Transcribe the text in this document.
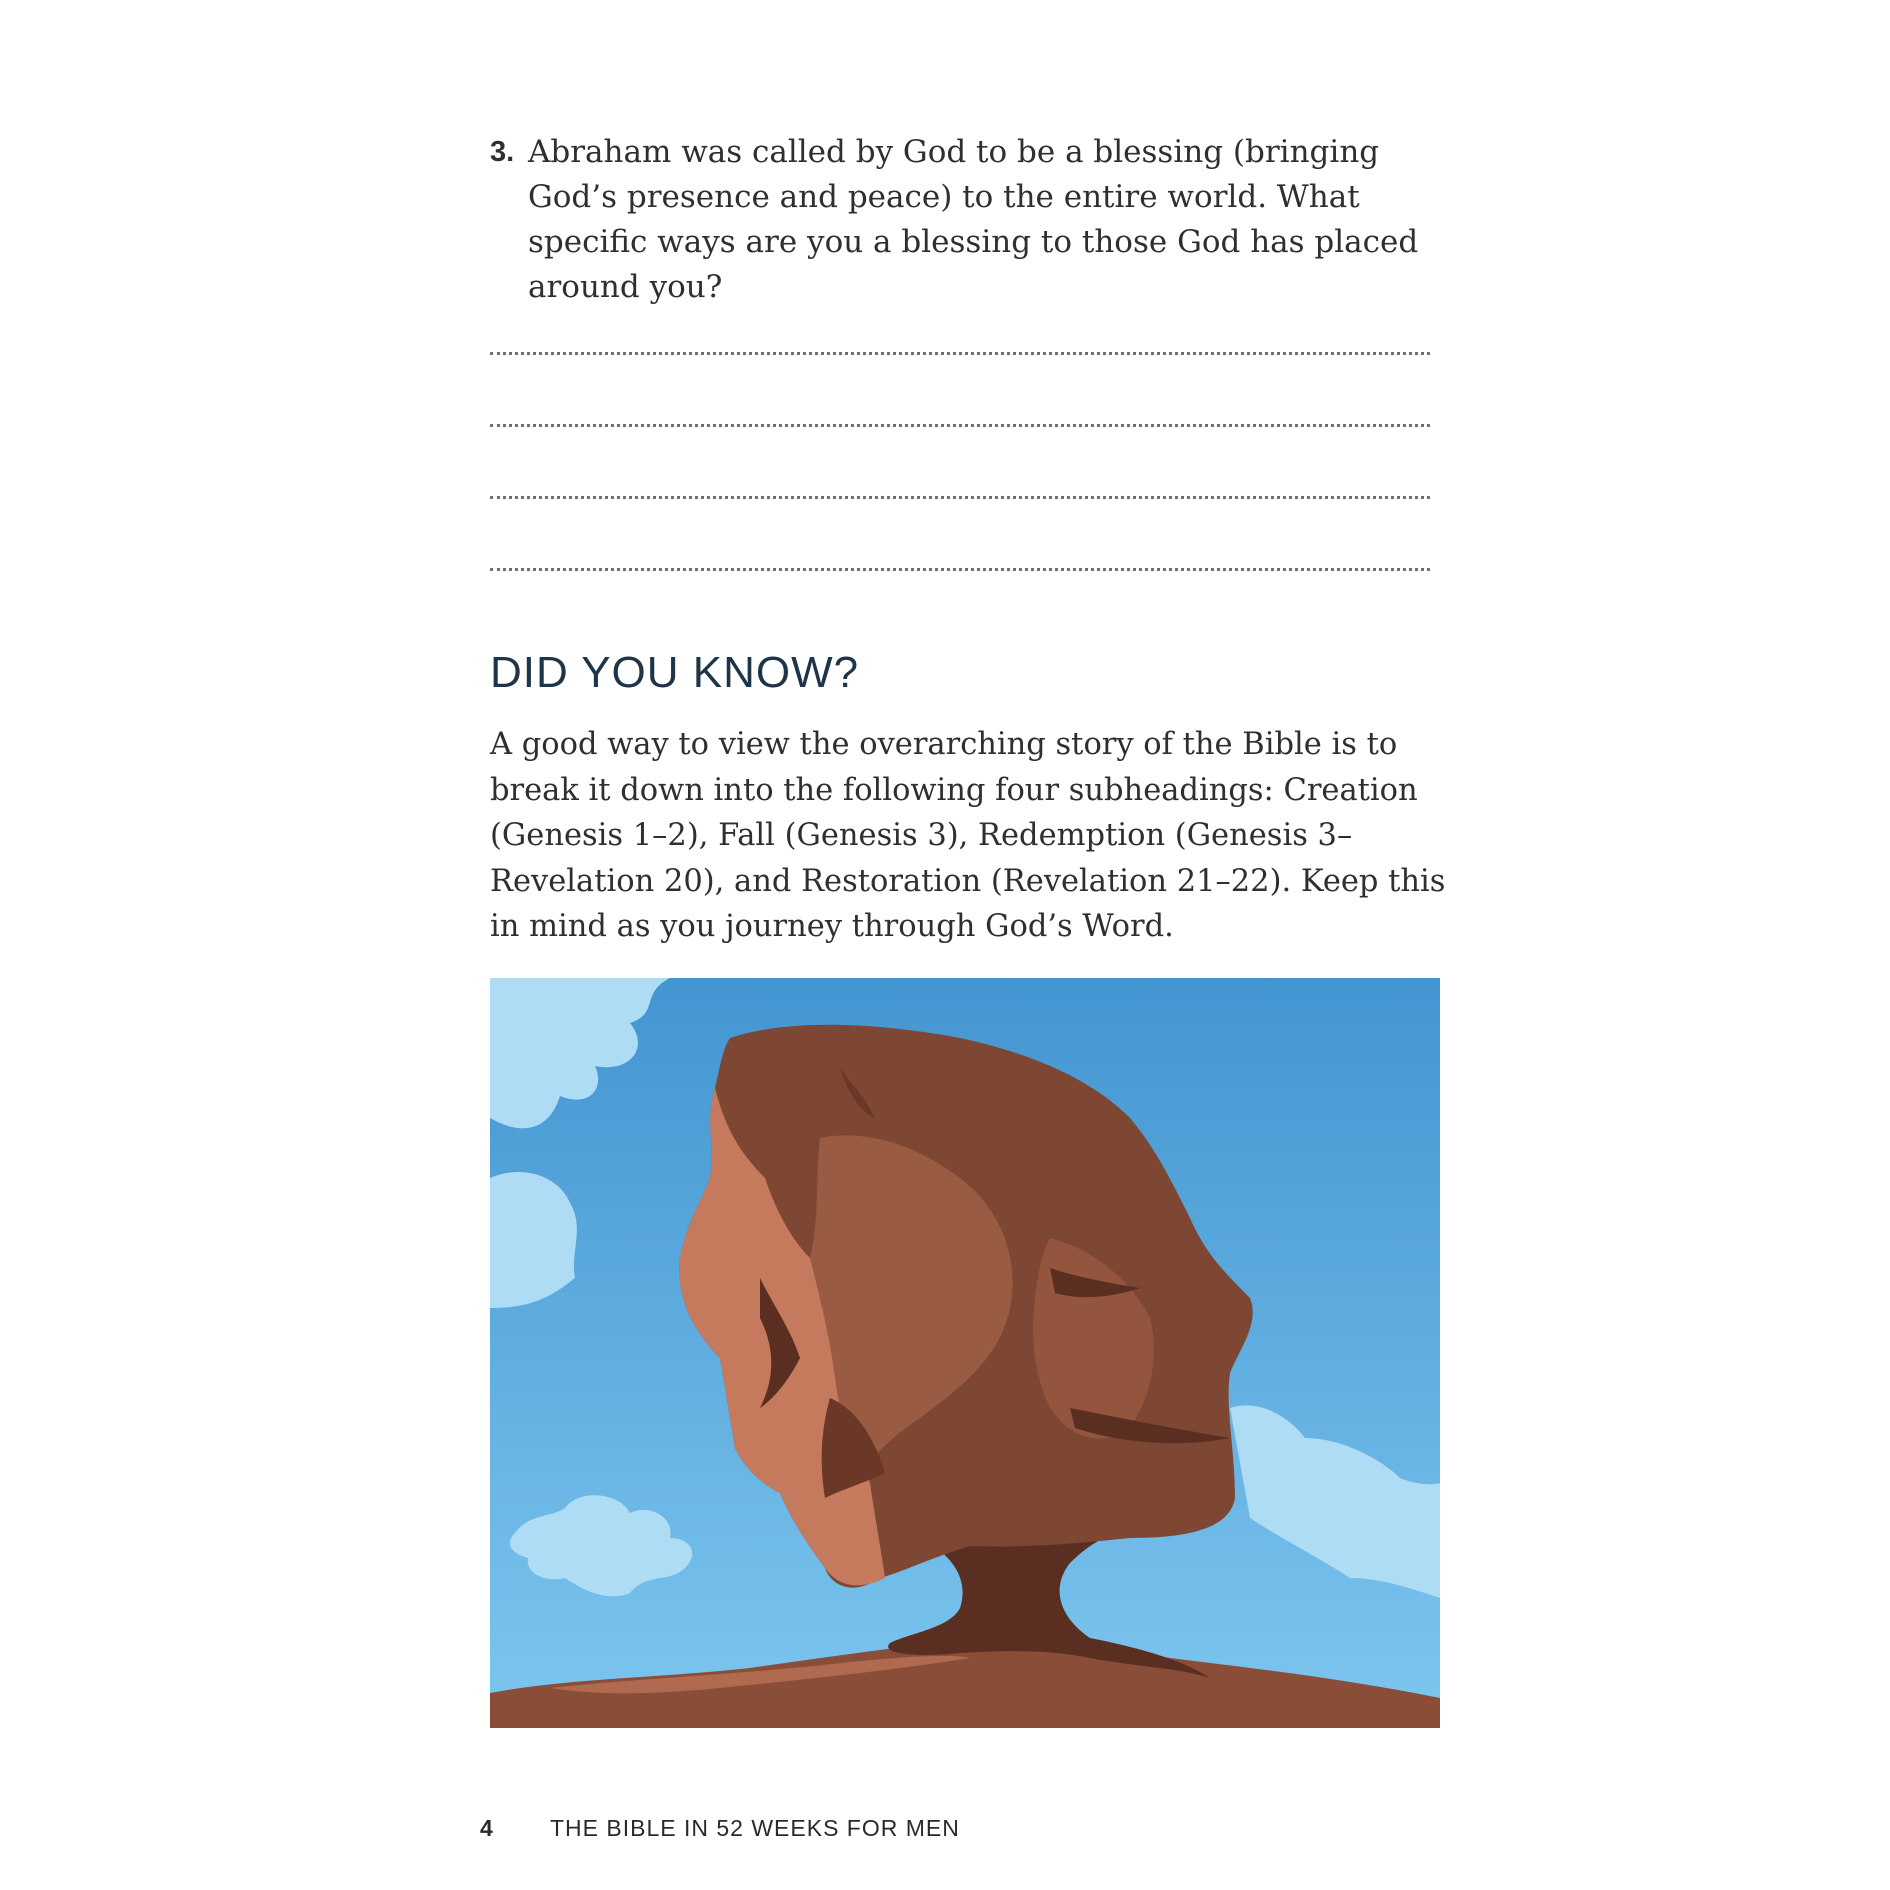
3. Abraham was called by God to be a blessing (bringing God’s presence and peace) to the entire world. What specific ways are you a blessing to those God has placed around you?
DID YOU KNOW?
A good way to view the overarching story of the Bible is to break it down into the following four subheadings: Creation (Genesis 1–2), Fall (Genesis 3), Redemption (Genesis 3–Revelation 20), and Restoration (Revelation 21–22). Keep this in mind as you journey through God’s Word.
4 THE BIBLE IN 52 WEEKS FOR MEN
